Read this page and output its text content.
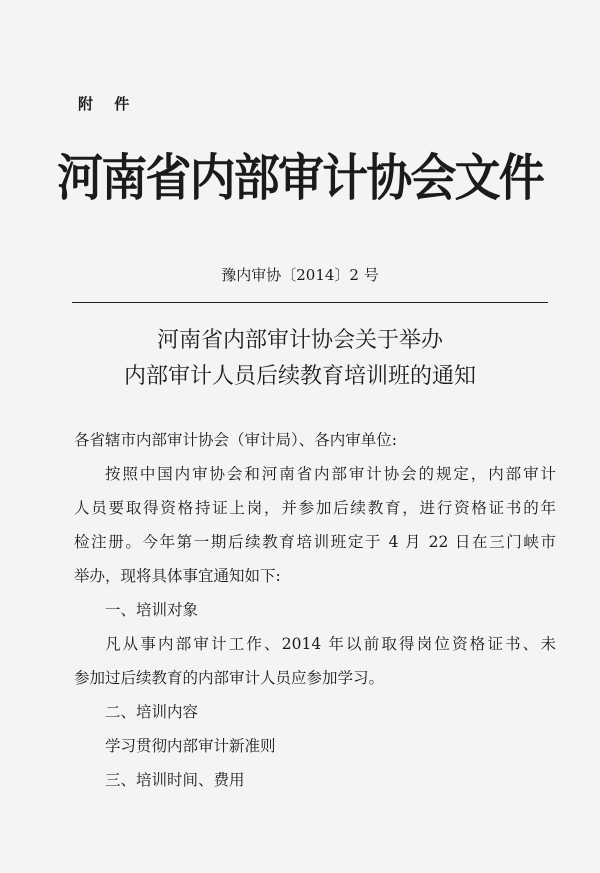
附 件
河南省内部审计协会文件
豫内审协〔2014〕2 号
河南省内部审计协会关于举办
内部审计人员后续教育培训班的通知

各省辖市内部审计协会（审计局）、各内审单位:

按照中国内审协会和河南省内部审计协会的规定，内部审计

人员要取得资格持证上岗，并参加后续教育，进行资格证书的年

检注册。今年第一期后续教育培训班定于 4 月 22 日在三门峡市

举办，现将具体事宜通知如下:

一、培训对象

凡从事内部审计工作、2014 年以前取得岗位资格证书、未

参加过后续教育的内部审计人员应参加学习。

二、培训内容

学习贯彻内部审计新准则

三、培训时间、费用
